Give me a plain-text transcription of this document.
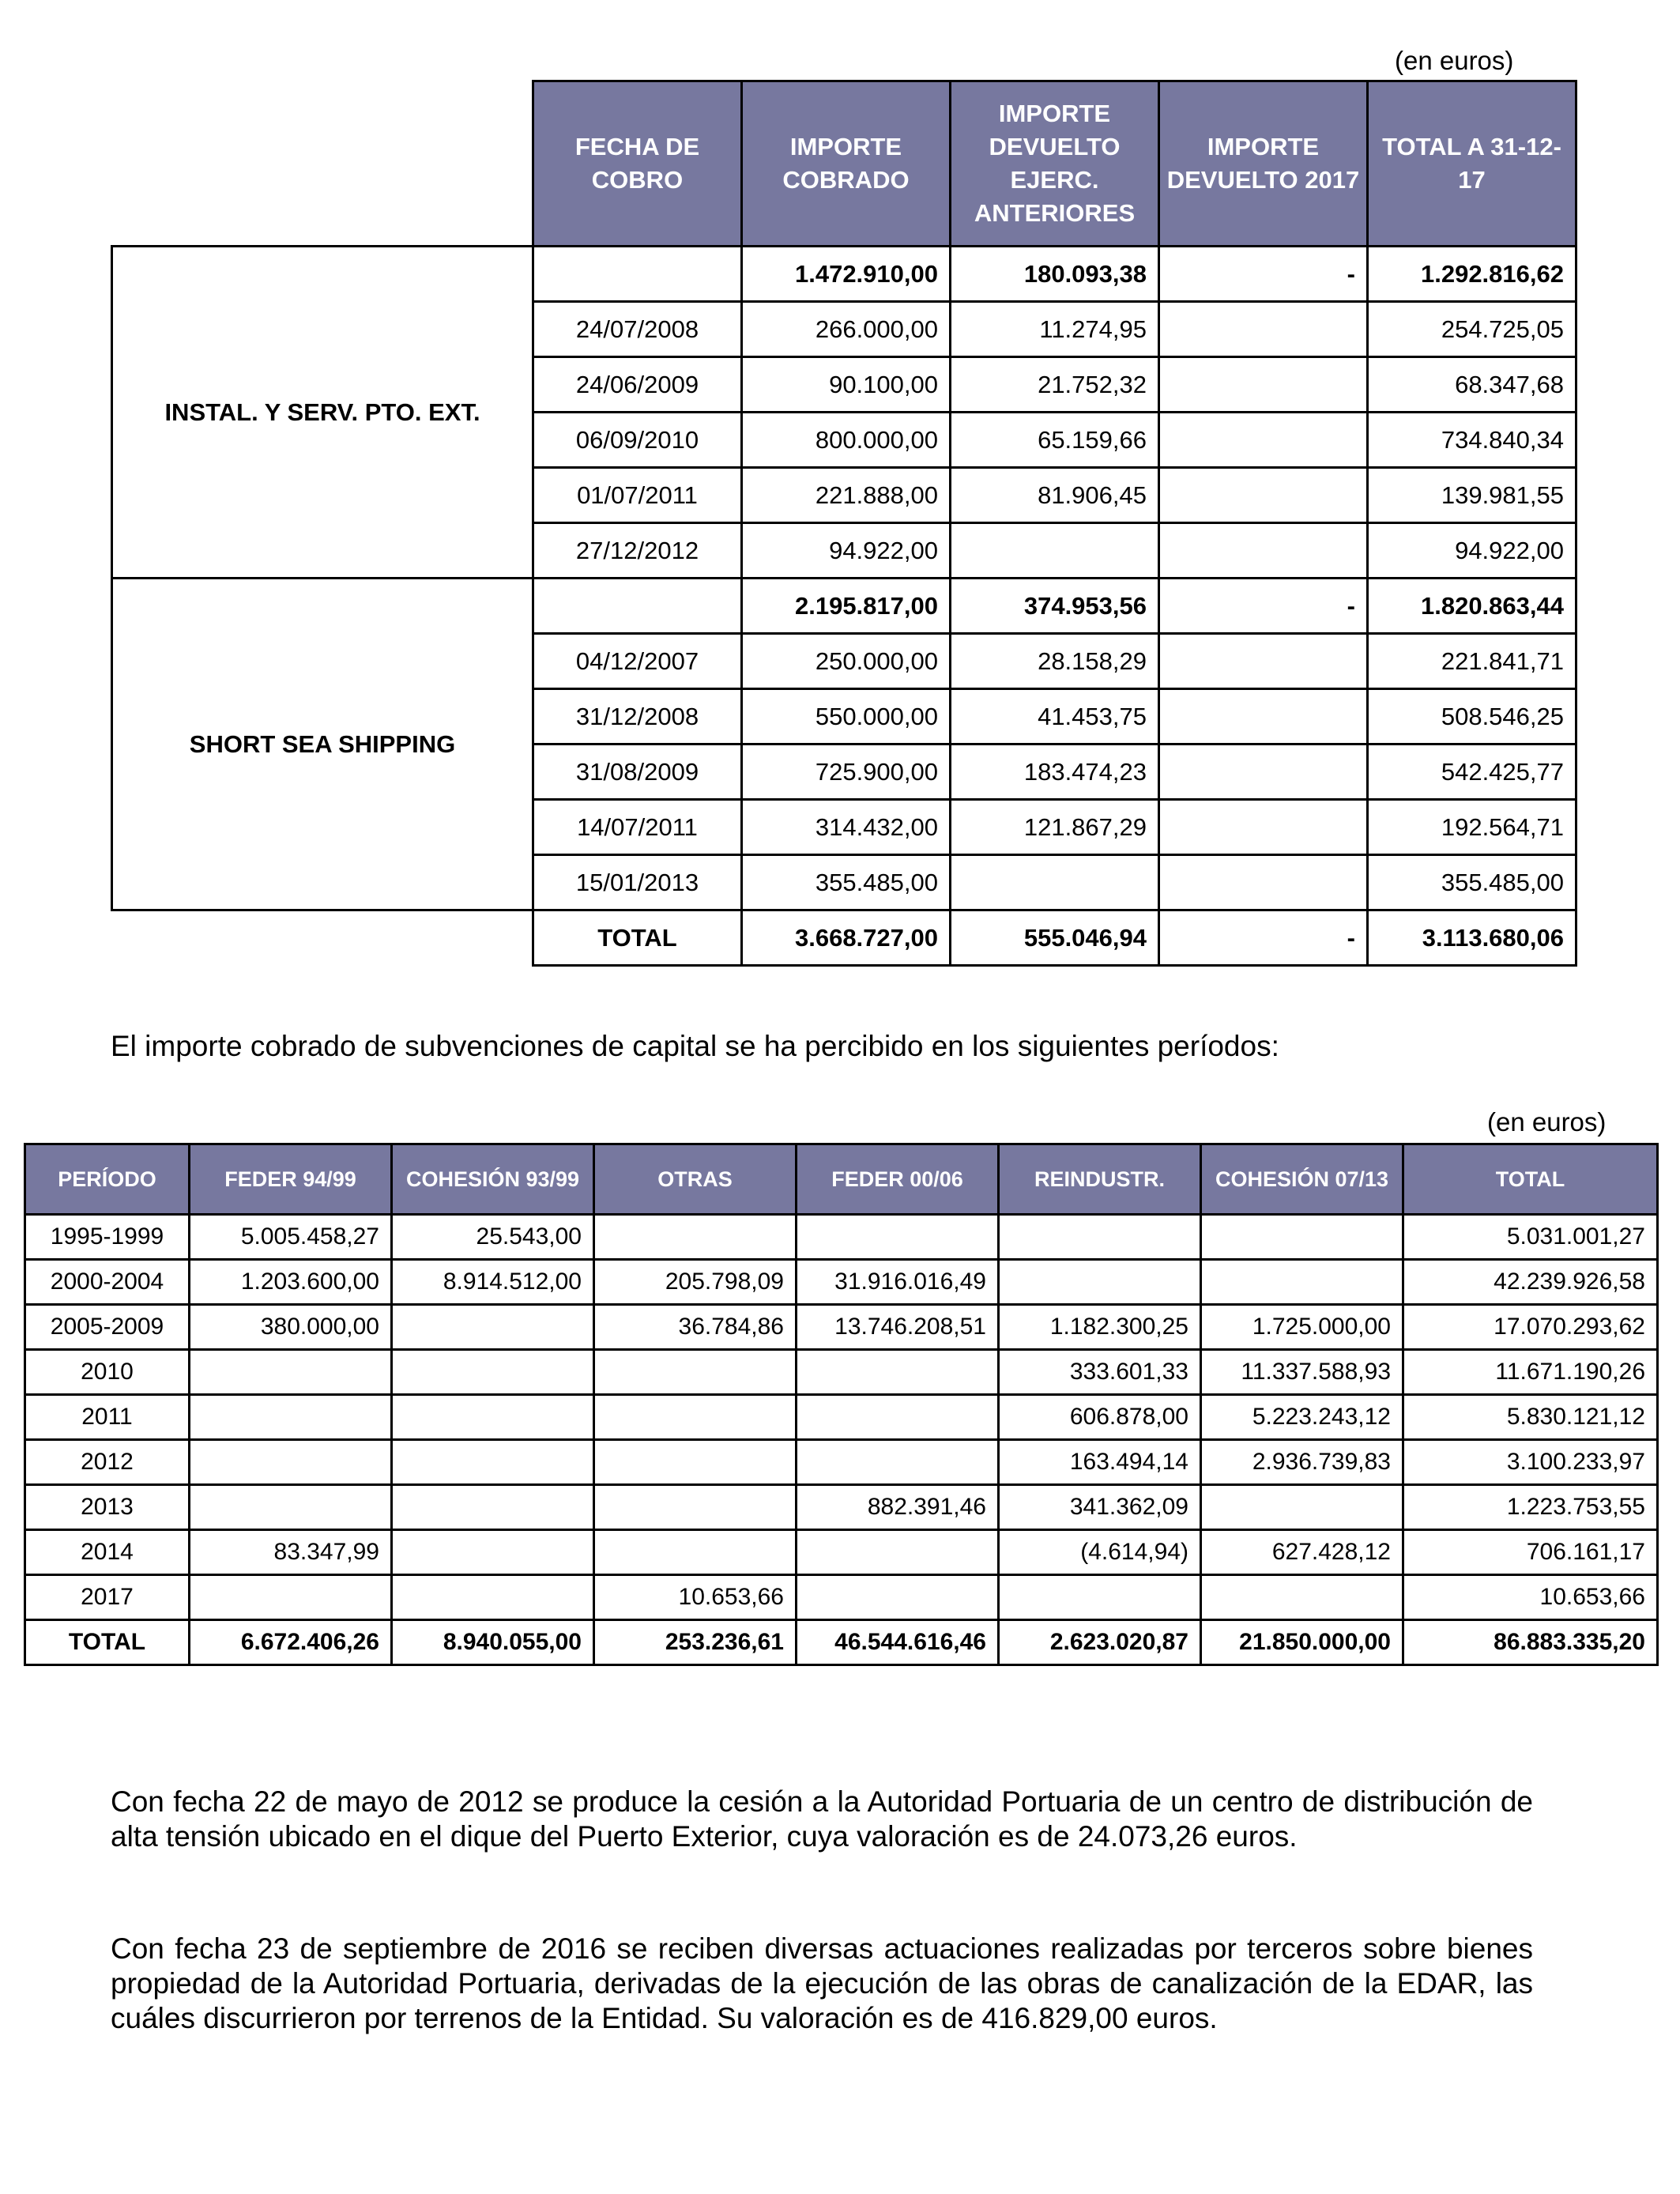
(en euros)
	FECHA DE COBRO	IMPORTE COBRADO	IMPORTE DEVUELTO EJERC. ANTERIORES	IMPORTE DEVUELTO 2017	TOTAL A 31-12-17
INSTAL. Y SERV. PTO. EXT.		1.472.910,00	180.093,38	-	1.292.816,62
	24/07/2008	266.000,00	11.274,95		254.725,05
	24/06/2009	90.100,00	21.752,32		68.347,68
	06/09/2010	800.000,00	65.159,66		734.840,34
	01/07/2011	221.888,00	81.906,45		139.981,55
	27/12/2012	94.922,00			94.922,00
SHORT SEA SHIPPING		2.195.817,00	374.953,56	-	1.820.863,44
	04/12/2007	250.000,00	28.158,29		221.841,71
	31/12/2008	550.000,00	41.453,75		508.546,25
	31/08/2009	725.900,00	183.474,23		542.425,77
	14/07/2011	314.432,00	121.867,29		192.564,71
	15/01/2013	355.485,00			355.485,00
	TOTAL	3.668.727,00	555.046,94	-	3.113.680,06
El importe cobrado de subvenciones de capital se ha percibido en los siguientes períodos:
(en euros)
PERÍODO	FEDER 94/99	COHESIÓN 93/99	OTRAS	FEDER 00/06	REINDUSTR.	COHESIÓN 07/13	TOTAL
1995-1999	5.005.458,27	25.543,00					5.031.001,27
2000-2004	1.203.600,00	8.914.512,00	205.798,09	31.916.016,49			42.239.926,58
2005-2009	380.000,00		36.784,86	13.746.208,51	1.182.300,25	1.725.000,00	17.070.293,62
2010					333.601,33	11.337.588,93	11.671.190,26
2011					606.878,00	5.223.243,12	5.830.121,12
2012					163.494,14	2.936.739,83	3.100.233,97
2013				882.391,46	341.362,09		1.223.753,55
2014	83.347,99				(4.614,94)	627.428,12	706.161,17
2017			10.653,66				10.653,66
TOTAL	6.672.406,26	8.940.055,00	253.236,61	46.544.616,46	2.623.020,87	21.850.000,00	86.883.335,20
Con fecha 22 de mayo de 2012 se produce la cesión a la Autoridad Portuaria de un centro de distribución de alta tensión ubicado en el dique del Puerto Exterior, cuya valoración es de 24.073,26 euros.
Con fecha 23 de septiembre de 2016 se reciben diversas actuaciones realizadas por terceros sobre bienes propiedad de la Autoridad Portuaria, derivadas de la ejecución de las obras de canalización de la EDAR, las cuáles discurrieron por terrenos de la Entidad. Su valoración es de 416.829,00 euros.
